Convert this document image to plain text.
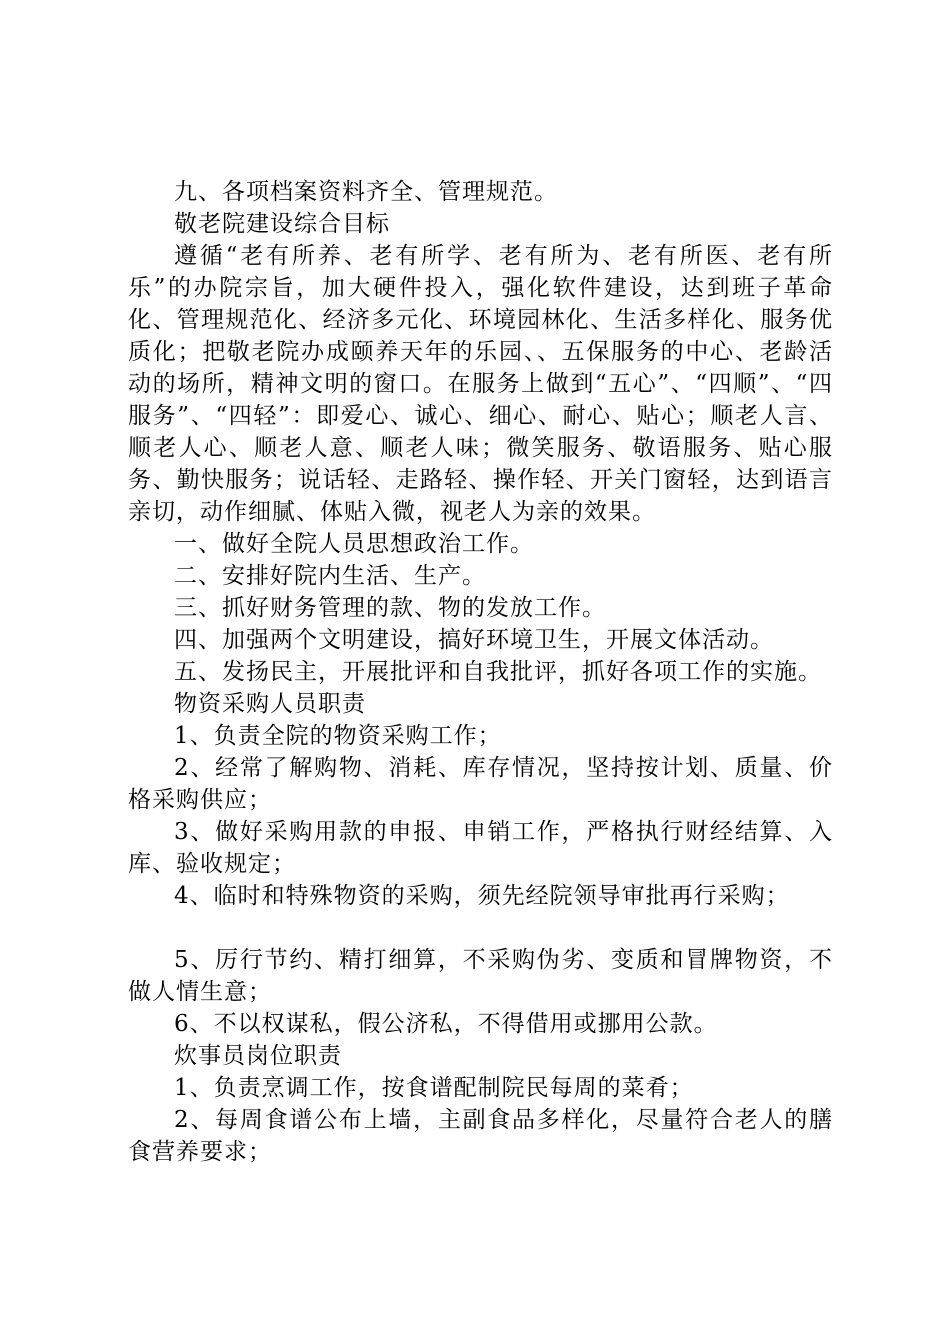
九、各项档案资料齐全、管理规范。

敬老院建设综合目标

遵循“老有所养、老有所学、老有所为、老有所医、老有所乐”的办院宗旨，加大硬件投入，强化软件建设，达到班子革命化、管理规范化、经济多元化、环境园林化、生活多样化、服务优质化；把敬老院办成颐养天年的乐园、、五保服务的中心、老龄活动的场所，精神文明的窗口。在服务上做到“五心”、“四顺”、“四服务”、“四轻”：即爱心、诚心、细心、耐心、贴心；顺老人言、顺老人心、顺老人意、顺老人味；微笑服务、敬语服务、贴心服务、勤快服务；说话轻、走路轻、操作轻、开关门窗轻，达到语言亲切，动作细腻、体贴入微，视老人为亲的效果。

一、做好全院人员思想政治工作。

二、安排好院内生活、生产。

三、抓好财务管理的款、物的发放工作。

四、加强两个文明建设，搞好环境卫生，开展文体活动。

五、发扬民主，开展批评和自我批评，抓好各项工作的实施。

物资采购人员职责

1、负责全院的物资采购工作；

2、经常了解购物、消耗、库存情况，坚持按计划、质量、价格采购供应；

3、做好采购用款的申报、申销工作，严格执行财经结算、入库、验收规定；

4、临时和特殊物资的采购，须先经院领导审批再行采购；

5、厉行节约、精打细算，不采购伪劣、变质和冒牌物资，不做人情生意；

6、不以权谋私，假公济私，不得借用或挪用公款。

炊事员岗位职责

1、负责烹调工作，按食谱配制院民每周的菜肴；

2、每周食谱公布上墙，主副食品多样化，尽量符合老人的膳食营养要求；
